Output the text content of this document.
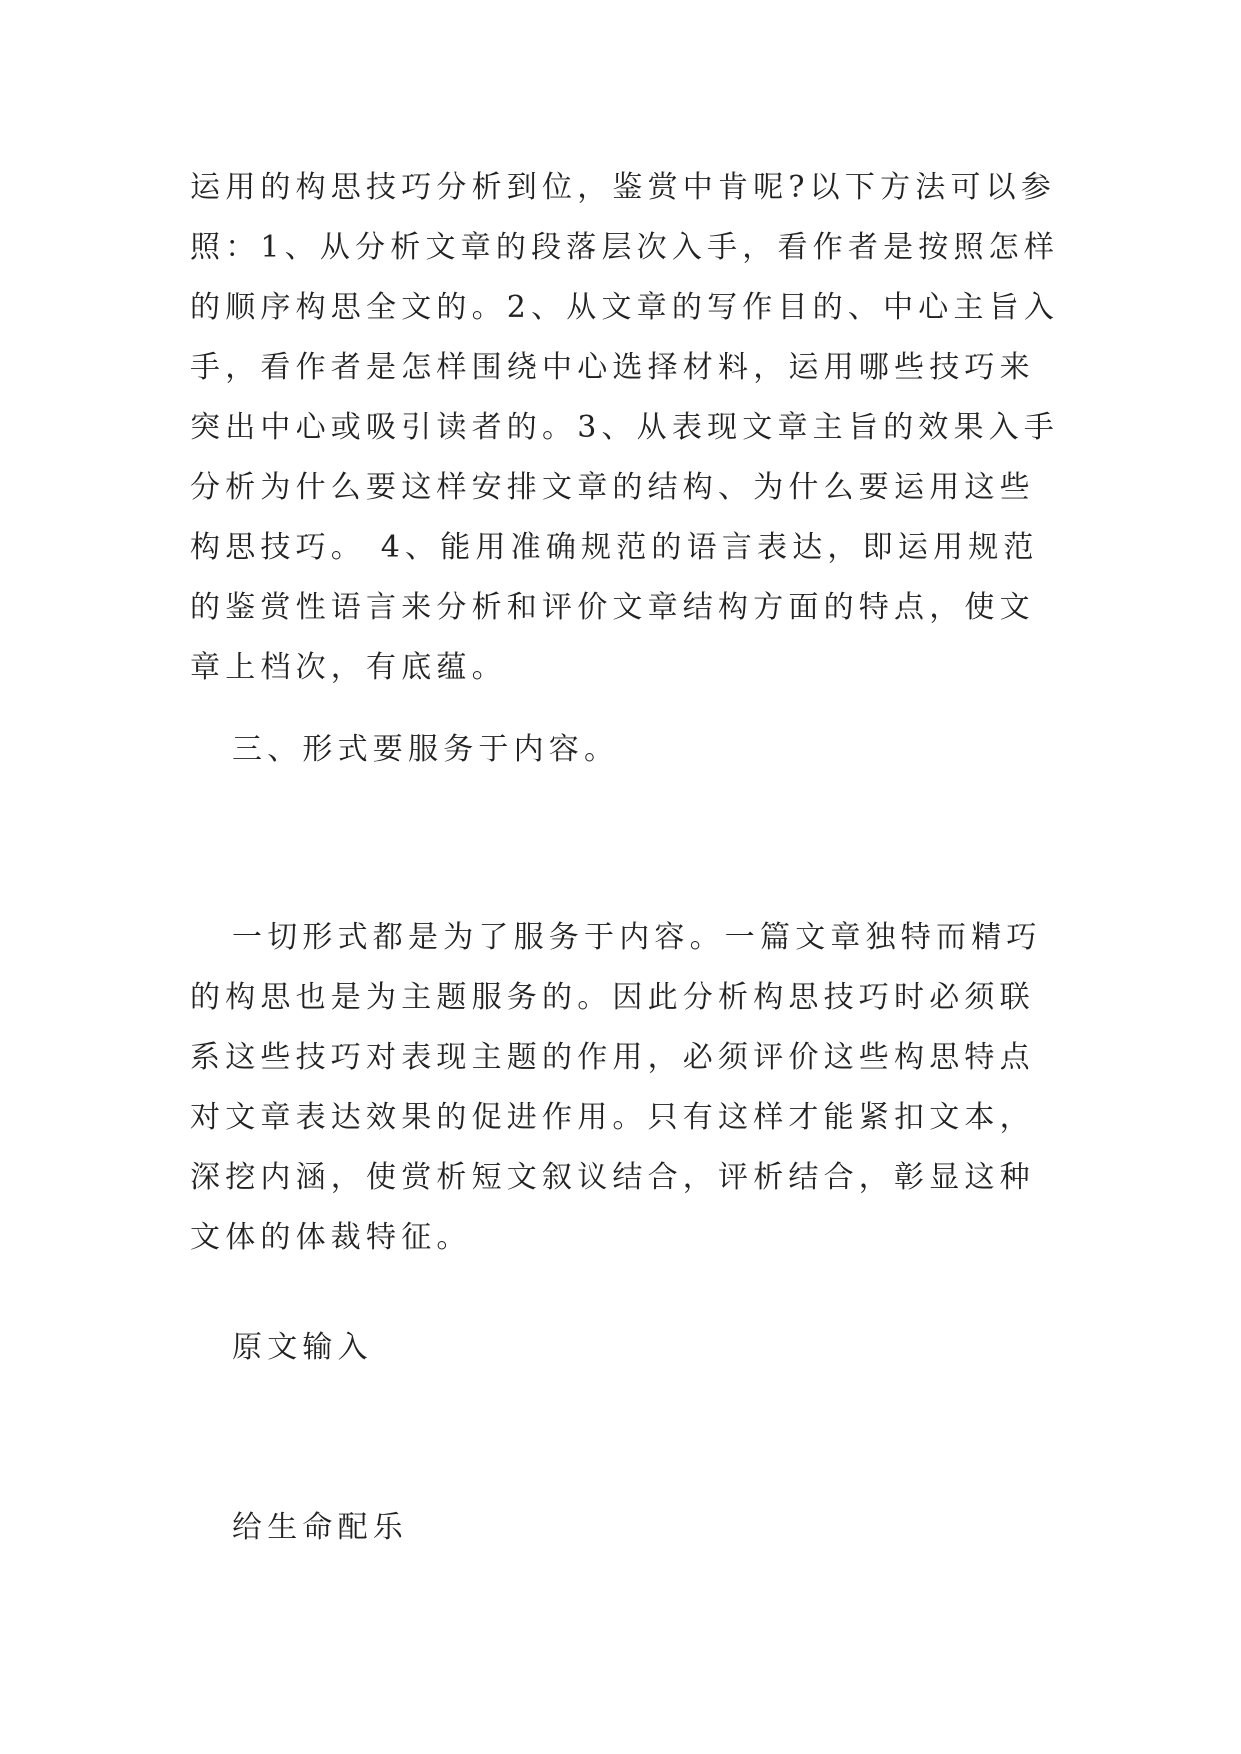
运用的构思技巧分析到位，鉴赏中肯呢?以下方法可以参照：1、从分析文章的段落层次入手，看作者是按照怎样的顺序构思全文的。2、从文章的写作目的、中心主旨入手，看作者是怎样围绕中心选择材料，运用哪些技巧来突出中心或吸引读者的。3、从表现文章主旨的效果入手分析为什么要这样安排文章的结构、为什么要运用这些构思技巧。 4、能用准确规范的语言表达，即运用规范的鉴赏性语言来分析和评价文章结构方面的特点，使文章上档次，有底蕴。

三、形式要服务于内容。

一切形式都是为了服务于内容。一篇文章独特而精巧的构思也是为主题服务的。因此分析构思技巧时必须联系这些技巧对表现主题的作用，必须评价这些构思特点对文章表达效果的促进作用。只有这样才能紧扣文本，深挖内涵，使赏析短文叙议结合，评析结合，彰显这种文体的体裁特征。

原文输入

给生命配乐
